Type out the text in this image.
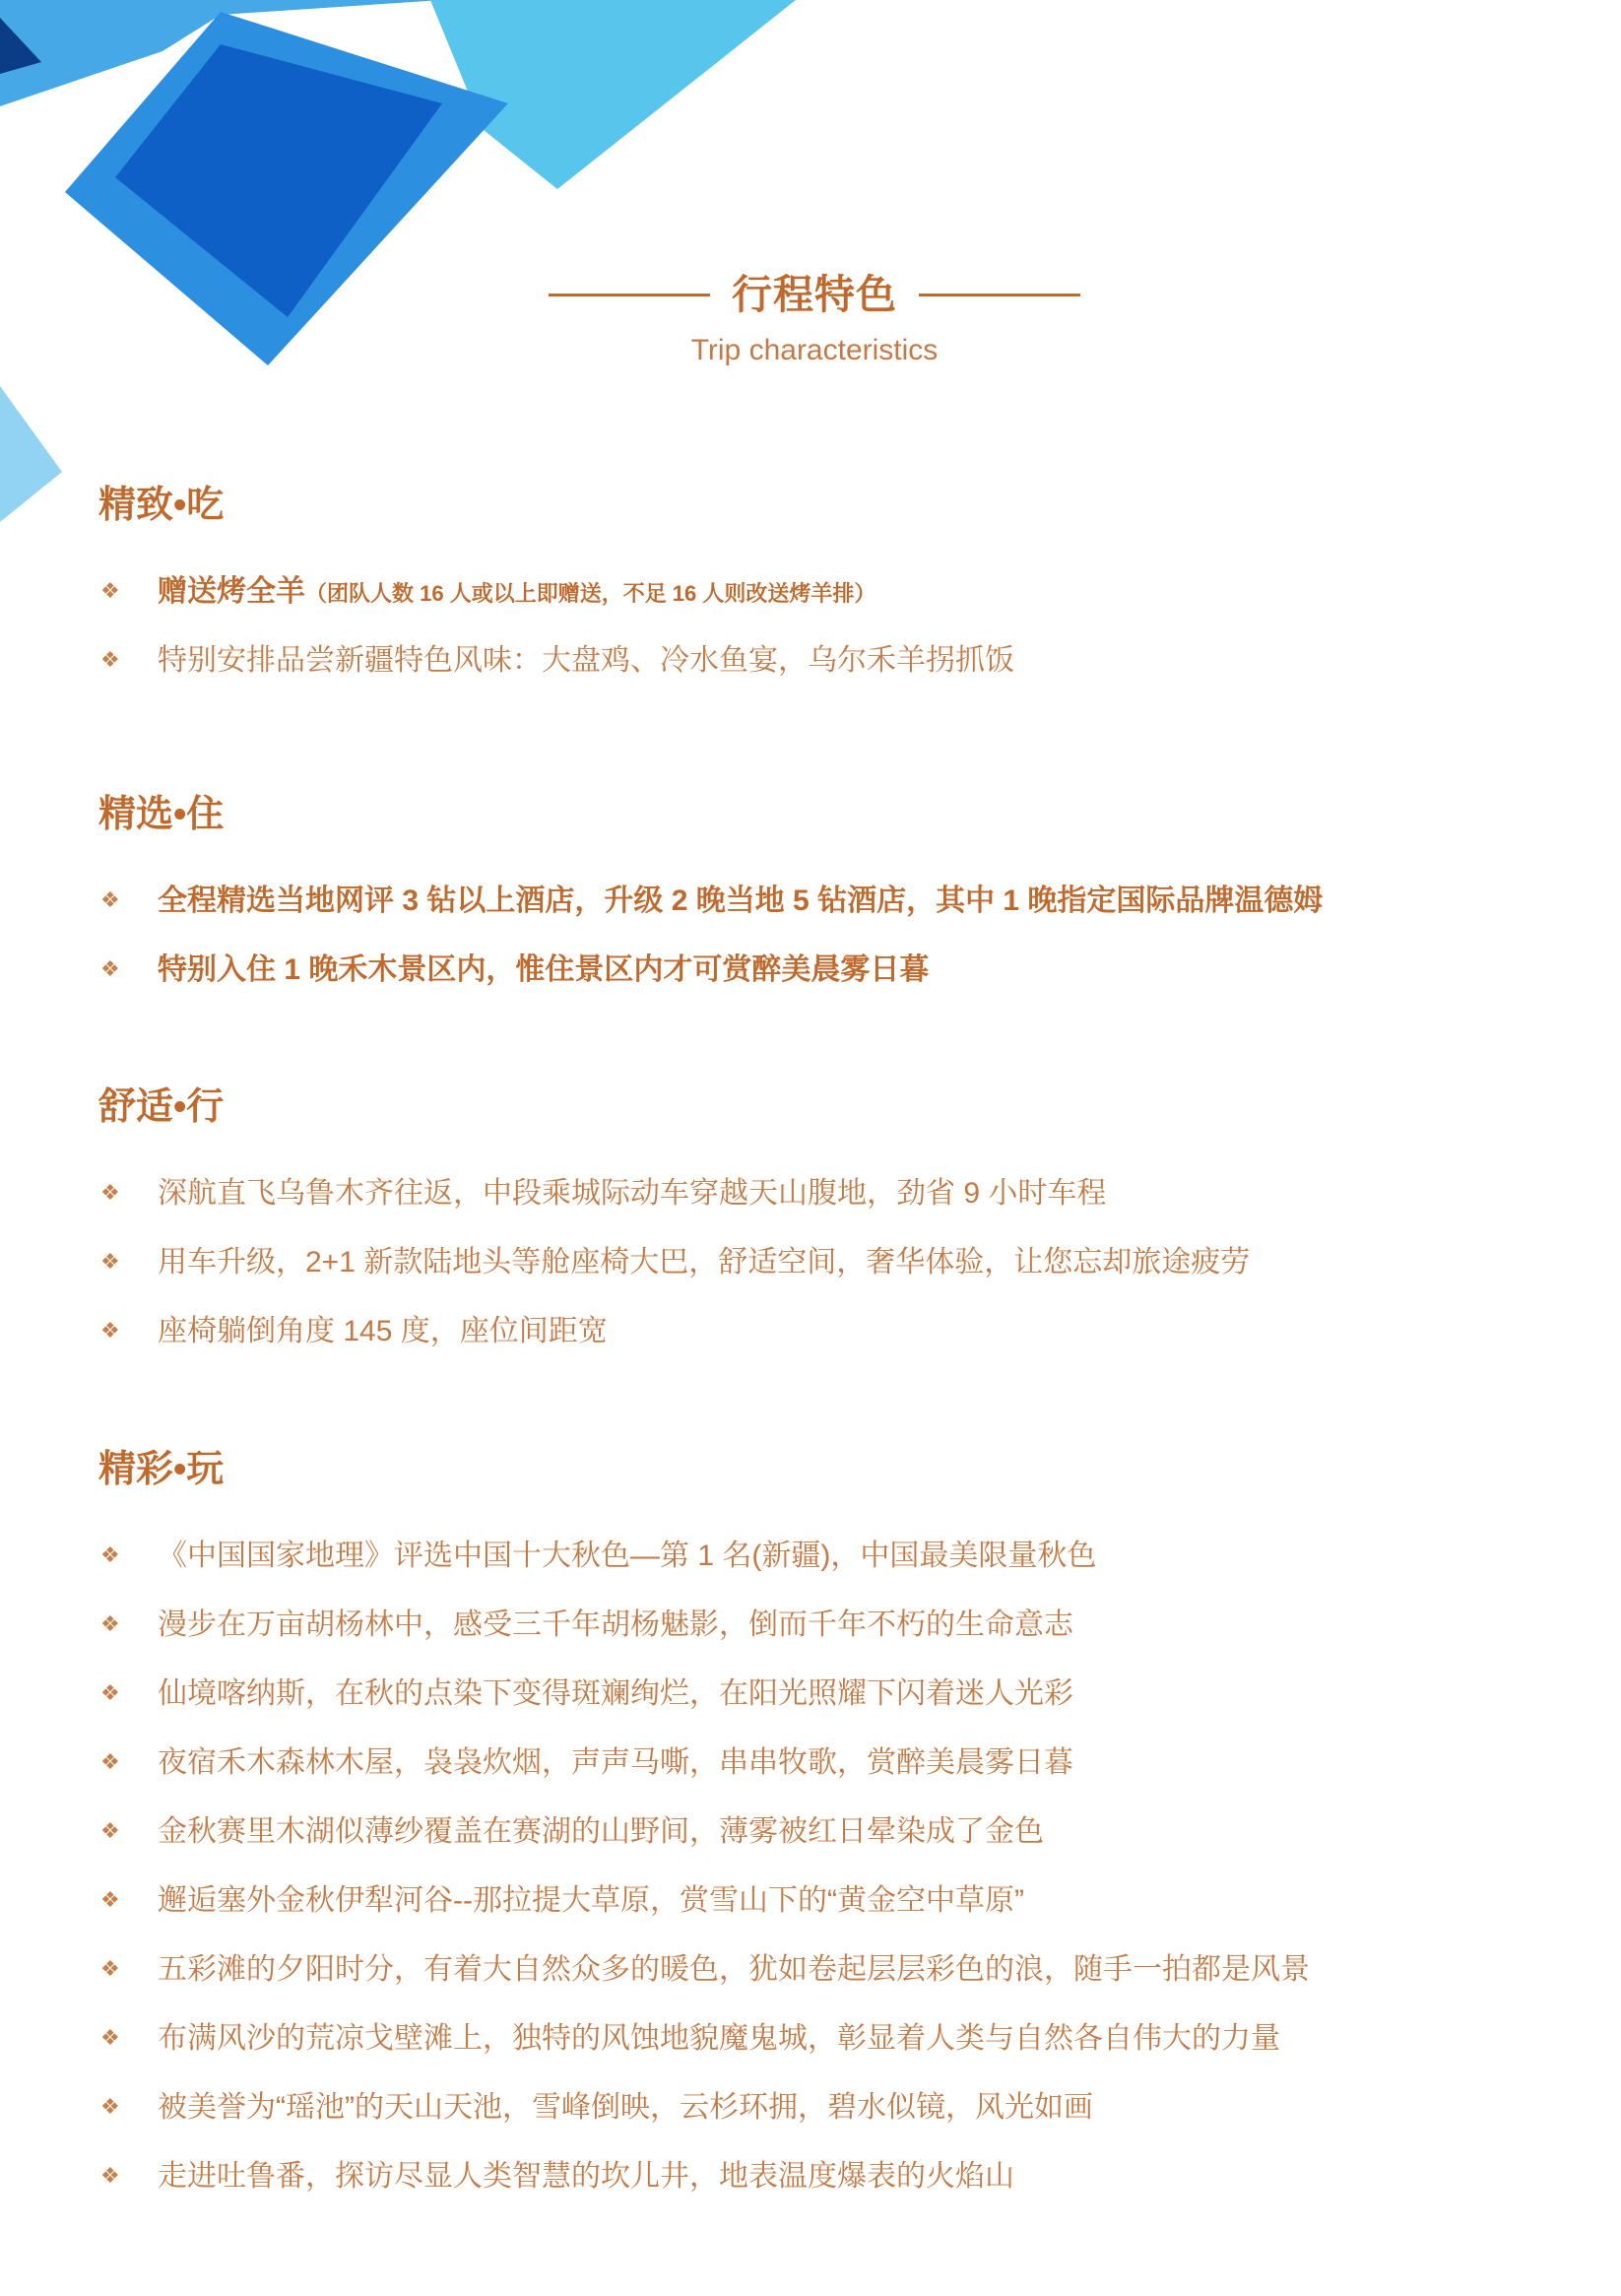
行程特色
Trip characteristics
精致•吃
❖
赠送烤全羊（团队人数 16 人或以上即赠送，不足 16 人则改送烤羊排）
❖
特别安排品尝新疆特色风味：大盘鸡、冷水鱼宴，乌尔禾羊拐抓饭
精选•住
❖
全程精选当地网评 3 钻以上酒店，升级 2 晚当地 5 钻酒店，其中 1 晚指定国际品牌温德姆
❖
特别入住 1 晚禾木景区内，惟住景区内才可赏醉美晨雾日暮
舒适•行
❖
深航直飞乌鲁木齐往返，中段乘城际动车穿越天山腹地，劲省 9 小时车程
❖
用车升级，2+1 新款陆地头等舱座椅大巴，舒适空间，奢华体验，让您忘却旅途疲劳
❖
座椅躺倒角度 145 度，座位间距宽
精彩•玩
❖
《中国国家地理》评选中国十大秋色—第 1 名(新疆)，中国最美限量秋色
❖
漫步在万亩胡杨林中，感受三千年胡杨魅影，倒而千年不朽的生命意志
❖
仙境喀纳斯，在秋的点染下变得斑斓绚烂，在阳光照耀下闪着迷人光彩
❖
夜宿禾木森林木屋，袅袅炊烟，声声马嘶，串串牧歌，赏醉美晨雾日暮
❖
金秋赛里木湖似薄纱覆盖在赛湖的山野间，薄雾被红日晕染成了金色
❖
邂逅塞外金秋伊犁河谷--那拉提大草原，赏雪山下的“黄金空中草原”
❖
五彩滩的夕阳时分，有着大自然众多的暖色，犹如卷起层层彩色的浪，随手一拍都是风景
❖
布满风沙的荒凉戈壁滩上，独特的风蚀地貌魔鬼城，彰显着人类与自然各自伟大的力量
❖
被美誉为“瑶池”的天山天池，雪峰倒映，云杉环拥，碧水似镜，风光如画
❖
走进吐鲁番，探访尽显人类智慧的坎儿井，地表温度爆表的火焰山
